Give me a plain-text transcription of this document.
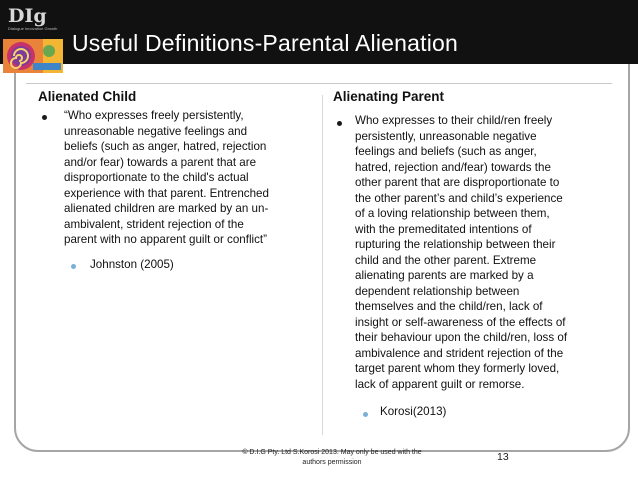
DIg
Dialogue Innovation Growth
Useful Definitions-Parental Alienation
Alienated Child
“Who expresses freely persistently,
unreasonable negative feelings and
beliefs (such as anger, hatred, rejection
and/or fear) towards a parent that are
disproportionate to the child's actual
experience with that parent. Entrenched
alienated children are marked by an un-
ambivalent, strident rejection of the
parent with no apparent guilt or conflict”
Johnston (2005)
Alienating Parent
Who expresses to their child/ren freely
persistently, unreasonable negative
feelings and beliefs (such as anger,
hatred, rejection and/fear) towards the
other parent that are disproportionate to
the other parent’s and child’s experience
of a loving relationship between them,
with the premeditated intentions of
rupturing the relationship between their
child and the other parent. Extreme
alienating parents are marked by a
dependent relationship between
themselves and the child/ren, lack of
insight or self-awareness of the effects of
their behaviour upon the child/ren, loss of
ambivalence and strident rejection of the
target parent whom they formerly loved,
lack of apparent guilt or remorse.
Korosi(2013)
© D.I.G Pty. Ltd S.Korosi 2013. May only be used with the
authors permission	13
